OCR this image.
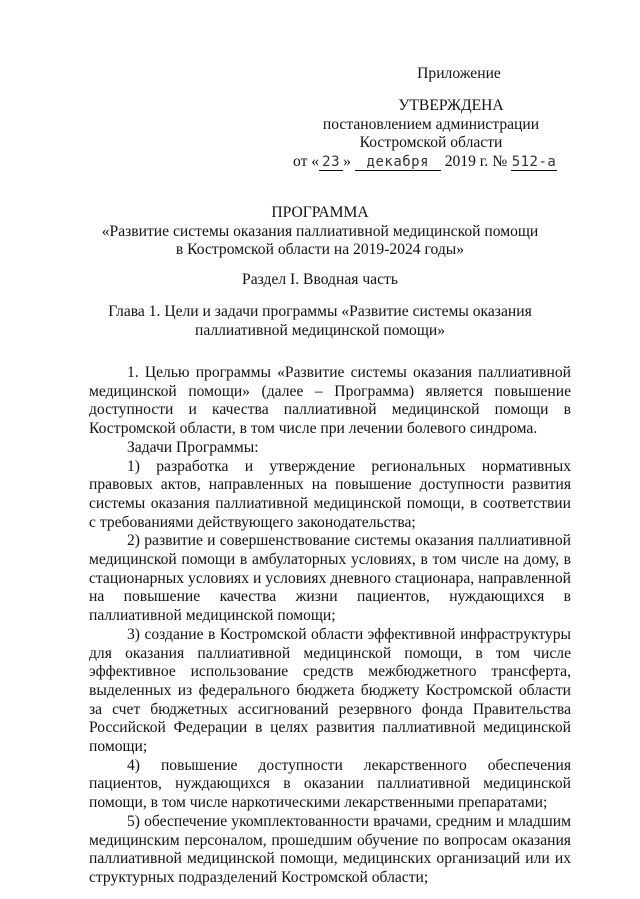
Приложение
УТВЕРЖДЕНА
постановлением администрации
Костромской области
от « 23 » декабря 2019 г. № 512-а
ПРОГРАММА
«Развитие системы оказания паллиативной медицинской помощи
в Костромской области на 2019-2024 годы»
Раздел I. Вводная часть
Глава 1. Цели и задачи программы «Развитие системы оказания
паллиативной медицинской помощи»

1. Целью программы «Развитие системы оказания паллиативной медицинской помощи» (далее – Программа) является повышение доступности и качества паллиативной медицинской помощи в Костромской области, в том числе при лечении болевого синдрома.

Задачи Программы:

1) разработка и утверждение региональных нормативных правовых актов, направленных на повышение доступности развития системы оказания паллиативной медицинской помощи, в соответствии с требованиями действующего законодательства;

2) развитие и совершенствование системы оказания паллиативной медицинской помощи в амбулаторных условиях, в том числе на дому, в стационарных условиях и условиях дневного стационара, направленной на повышение качества жизни пациентов, нуждающихся в паллиативной медицинской помощи;

3) создание в Костромской области эффективной инфраструктуры для оказания паллиативной медицинской помощи, в том числе эффективное использование средств межбюджетного трансферта, выделенных из федерального бюджета бюджету Костромской области за счет бюджетных ассигнований резервного фонда Правительства Российской Федерации в целях развития паллиативной медицинской помощи;

4) повышение доступности лекарственного обеспечения пациентов, нуждающихся в оказании паллиативной медицинской помощи, в том числе наркотическими лекарственными препаратами;

5) обеспечение укомплектованности врачами, средним и младшим медицинским персоналом, прошедшим обучение по вопросам оказания паллиативной медицинской помощи, медицинских организаций или их структурных подразделений Костромской области;
